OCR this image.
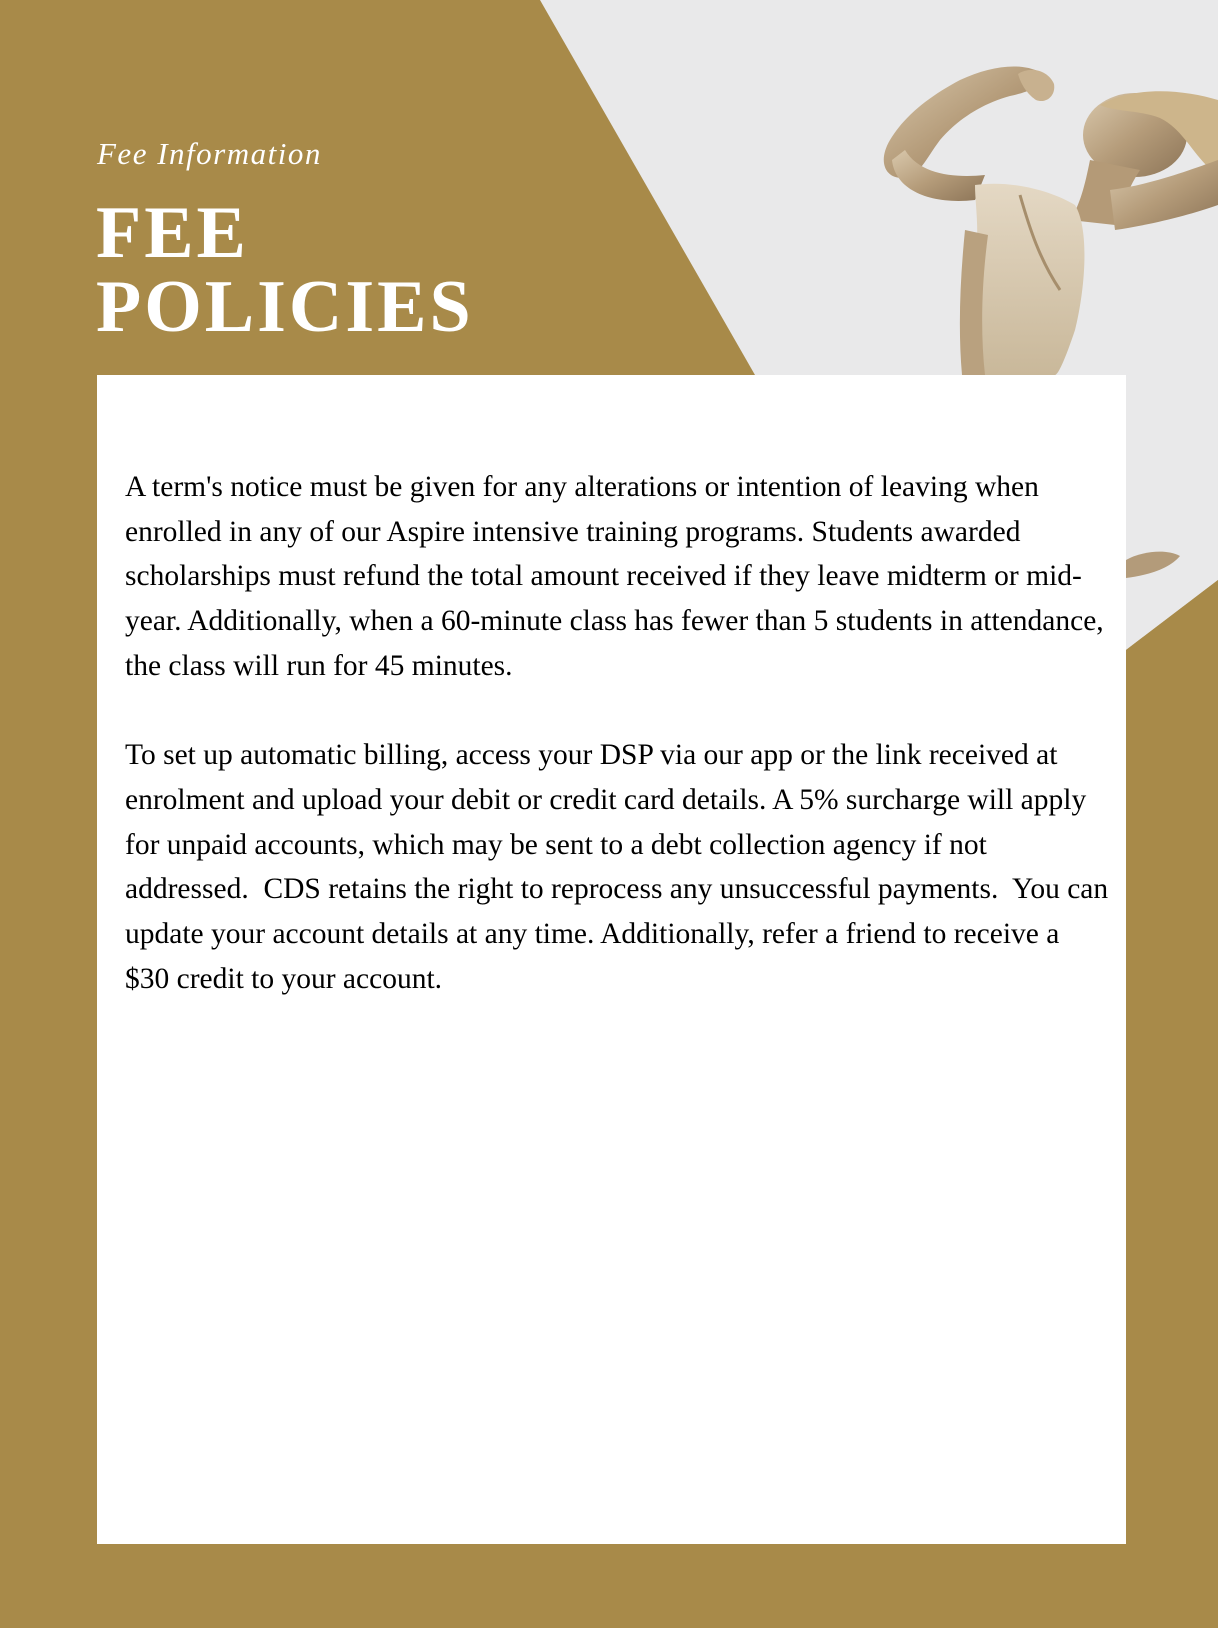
Fee Information
FEE
POLICIES

A term's notice must be given for any alterations or intention of leaving when enrolled in any of our Aspire intensive training programs. Students awarded scholarships must refund the total amount received if they leave midterm or mid-year. Additionally, when a 60-minute class has fewer than 5 students in attendance, the class will run for 45 minutes.

To set up automatic billing, access your DSP via our app or the link received at enrolment and upload your debit or credit card details. A 5% surcharge will apply for unpaid accounts, which may be sent to a debt collection agency if not addressed.  CDS retains the right to reprocess any unsuccessful payments.  You can update your account details at any time. Additionally, refer a friend to receive a $30 credit to your account.
